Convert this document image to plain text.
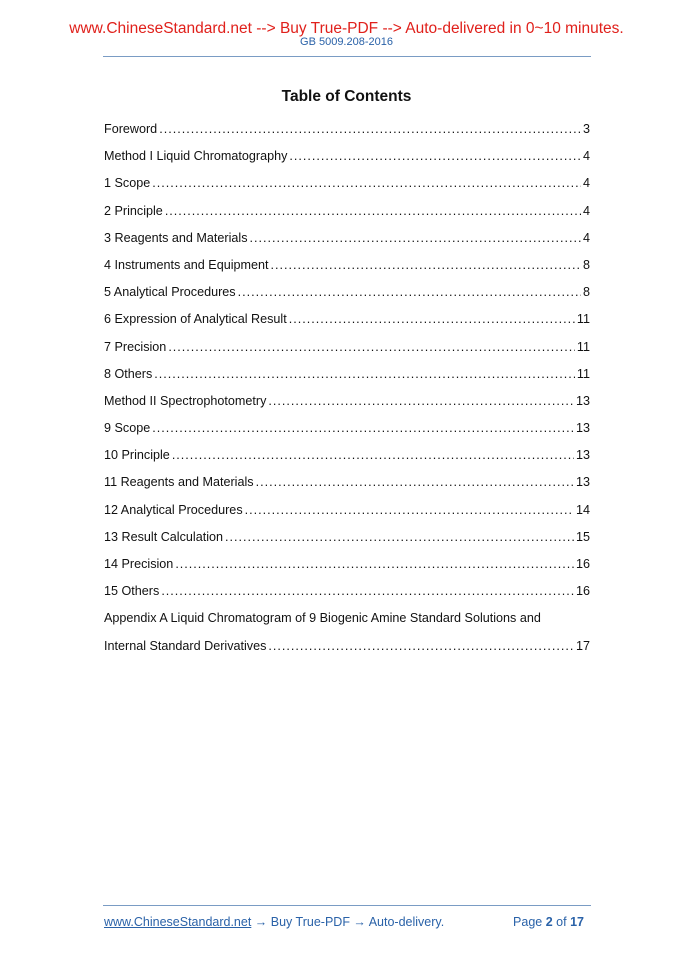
www.ChineseStandard.net --> Buy True-PDF --> Auto-delivered in 0~10 minutes.
GB 5009.208-2016
Table of Contents
Foreword .....	3
Method I Liquid Chromatography .....	4
1 Scope .....	4
2 Principle .....	4
3 Reagents and Materials .....	4
4 Instruments and Equipment .....	8
5 Analytical Procedures .....	8
6 Expression of Analytical Result .....	11
7 Precision .....	11
8 Others .....	11
Method II Spectrophotometry .....	13
9 Scope .....	13
10 Principle .....	13
11 Reagents and Materials .....	13
12 Analytical Procedures .....	14
13 Result Calculation .....	15
14 Precision .....	16
15 Others .....	16
Appendix A Liquid Chromatogram of 9 Biogenic Amine Standard Solutions and
Internal Standard Derivatives .....	17
www.ChineseStandard.net → Buy True-PDF → Auto-delivery.	Page 2 of 17
